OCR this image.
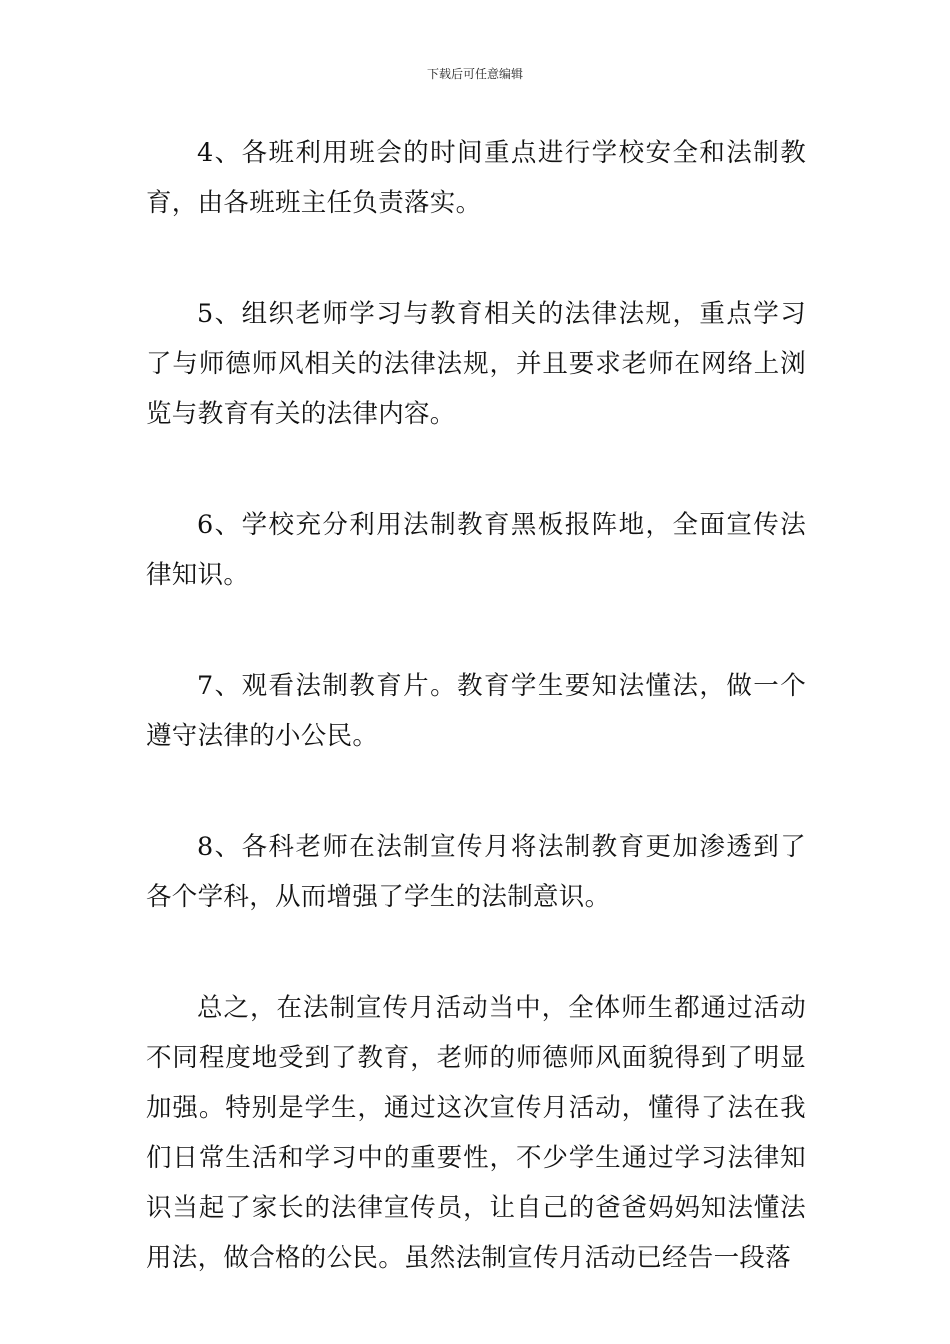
下载后可任意编辑

4、各班利用班会的时间重点进行学校安全和法制教育，由各班班主任负责落实。

5、组织老师学习与教育相关的法律法规，重点学习了与师德师风相关的法律法规，并且要求老师在网络上浏览与教育有关的法律内容。

6、学校充分利用法制教育黑板报阵地，全面宣传法律知识。

7、观看法制教育片。教育学生要知法懂法，做一个遵守法律的小公民。

8、各科老师在法制宣传月将法制教育更加渗透到了各个学科，从而增强了学生的法制意识。

总之，在法制宣传月活动当中，全体师生都通过活动不同程度地受到了教育，老师的师德师风面貌得到了明显加强。特别是学生，通过这次宣传月活动，懂得了法在我们日常生活和学习中的重要性，不少学生通过学习法律知识当起了家长的法律宣传员，让自己的爸爸妈妈知法懂法用法，做合格的公民。虽然法制宣传月活动已经告一段落
